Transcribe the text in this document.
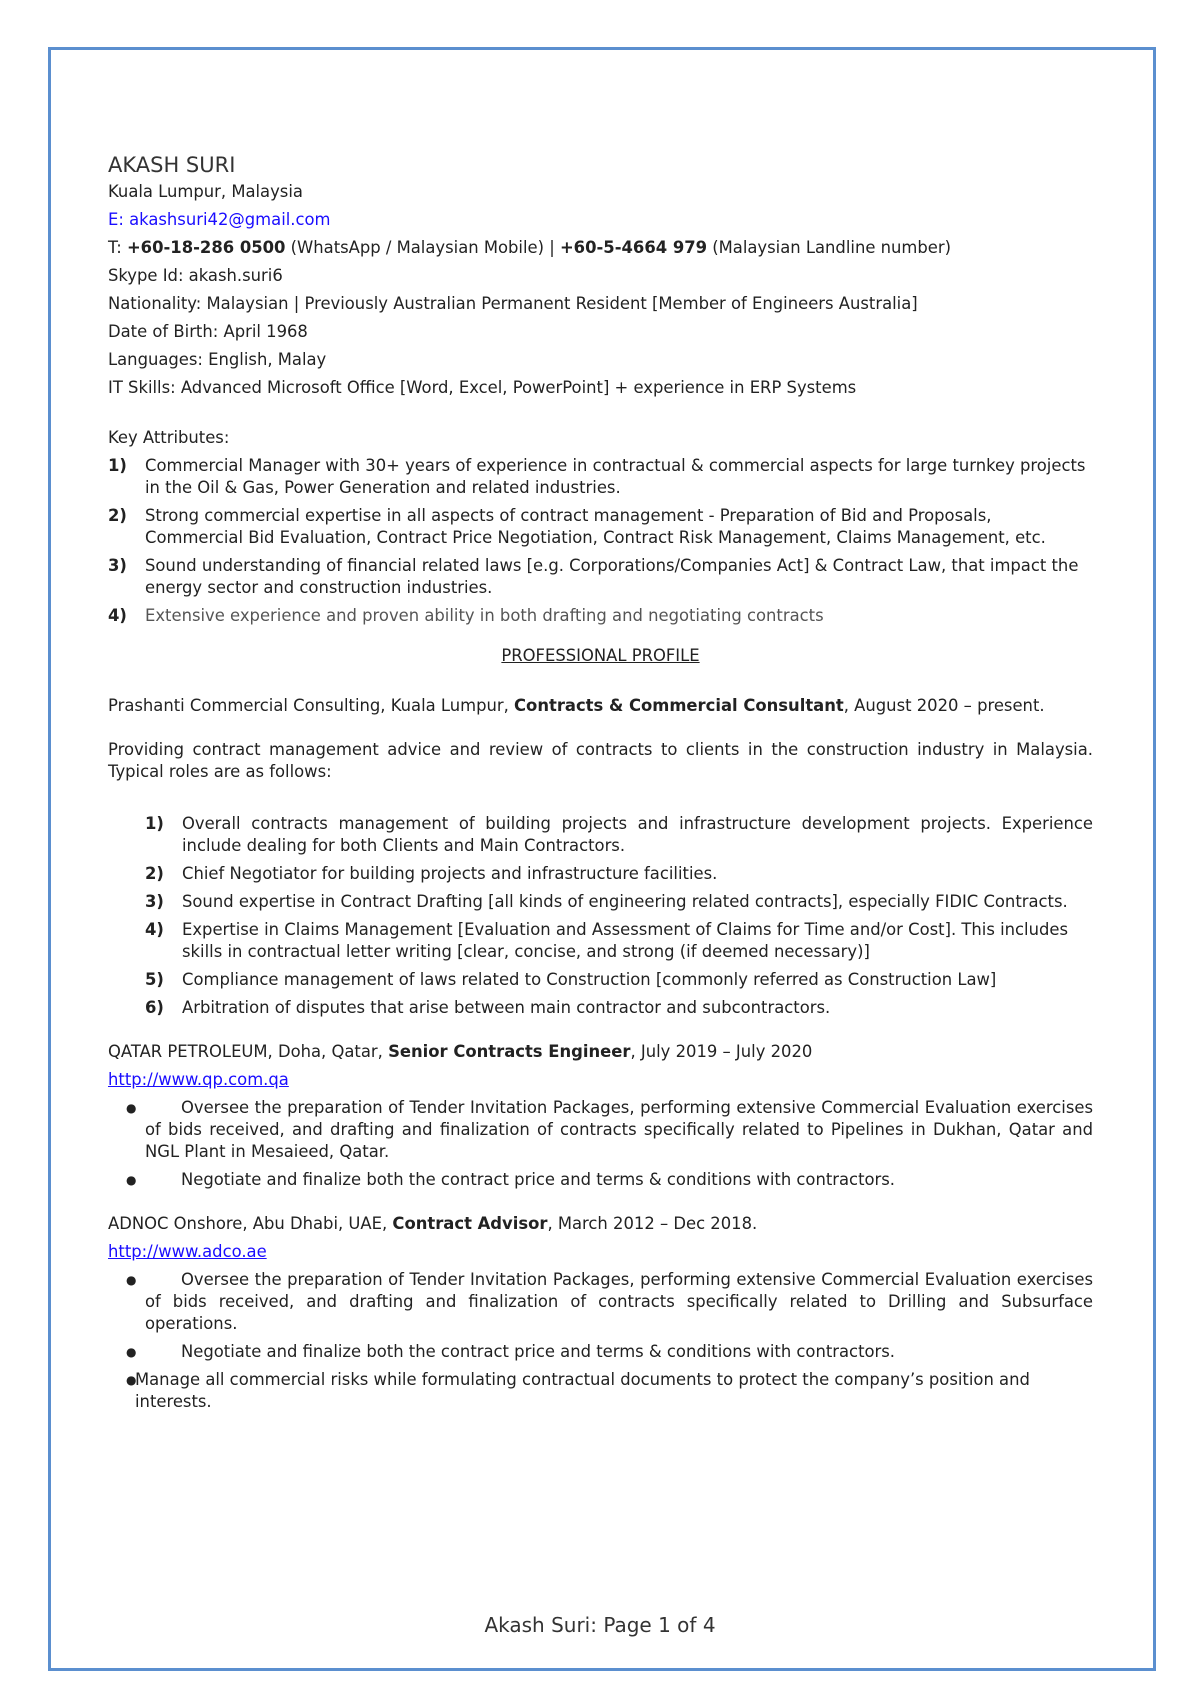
AKASH SURI
Kuala Lumpur, Malaysia
E: akashsuri42@gmail.com
T: +60-18-286 0500 (WhatsApp / Malaysian Mobile) | +60-5-4664 979 (Malaysian Landline number)
Skype Id: akash.suri6
Nationality: Malaysian | Previously Australian Permanent Resident [Member of Engineers Australia]
Date of Birth: April 1968
Languages: English, Malay
IT Skills: Advanced Microsoft Office [Word, Excel, PowerPoint] + experience in ERP Systems
Key Attributes:
1) Commercial Manager with 30+ years of experience in contractual & commercial aspects for large turnkey projects in the Oil & Gas, Power Generation and related industries.
2) Strong commercial expertise in all aspects of contract management - Preparation of Bid and Proposals, Commercial Bid Evaluation, Contract Price Negotiation, Contract Risk Management, Claims Management, etc.
3) Sound understanding of financial related laws [e.g. Corporations/Companies Act] & Contract Law, that impact the energy sector and construction industries.
4) Extensive experience and proven ability in both drafting and negotiating contracts
PROFESSIONAL PROFILE
Prashanti Commercial Consulting, Kuala Lumpur, Contracts & Commercial Consultant, August 2020 – present.
Providing contract management advice and review of contracts to clients in the construction industry in Malaysia. Typical roles are as follows:
1) Overall contracts management of building projects and infrastructure development projects. Experience include dealing for both Clients and Main Contractors.
2) Chief Negotiator for building projects and infrastructure facilities.
3) Sound expertise in Contract Drafting [all kinds of engineering related contracts], especially FIDIC Contracts.
4) Expertise in Claims Management [Evaluation and Assessment of Claims for Time and/or Cost]. This includes skills in contractual letter writing [clear, concise, and strong (if deemed necessary)]
5) Compliance management of laws related to Construction [commonly referred as Construction Law]
6) Arbitration of disputes that arise between main contractor and subcontractors.
QATAR PETROLEUM, Doha, Qatar, Senior Contracts Engineer, July 2019 – July 2020
http://www.qp.com.qa
●	Oversee the preparation of Tender Invitation Packages, performing extensive Commercial Evaluation exercises of bids received, and drafting and finalization of contracts specifically related to Pipelines in Dukhan, Qatar and NGL Plant in Mesaieed, Qatar.
●	Negotiate and finalize both the contract price and terms & conditions with contractors.
ADNOC Onshore, Abu Dhabi, UAE, Contract Advisor, March 2012 – Dec 2018.
http://www.adco.ae
●	Oversee the preparation of Tender Invitation Packages, performing extensive Commercial Evaluation exercises of bids received, and drafting and finalization of contracts specifically related to Drilling and Subsurface operations.
●	Negotiate and finalize both the contract price and terms & conditions with contractors.
●
Manage all commercial risks while formulating contractual documents to protect the company’s position and interests.
Akash Suri: Page 1 of 4
